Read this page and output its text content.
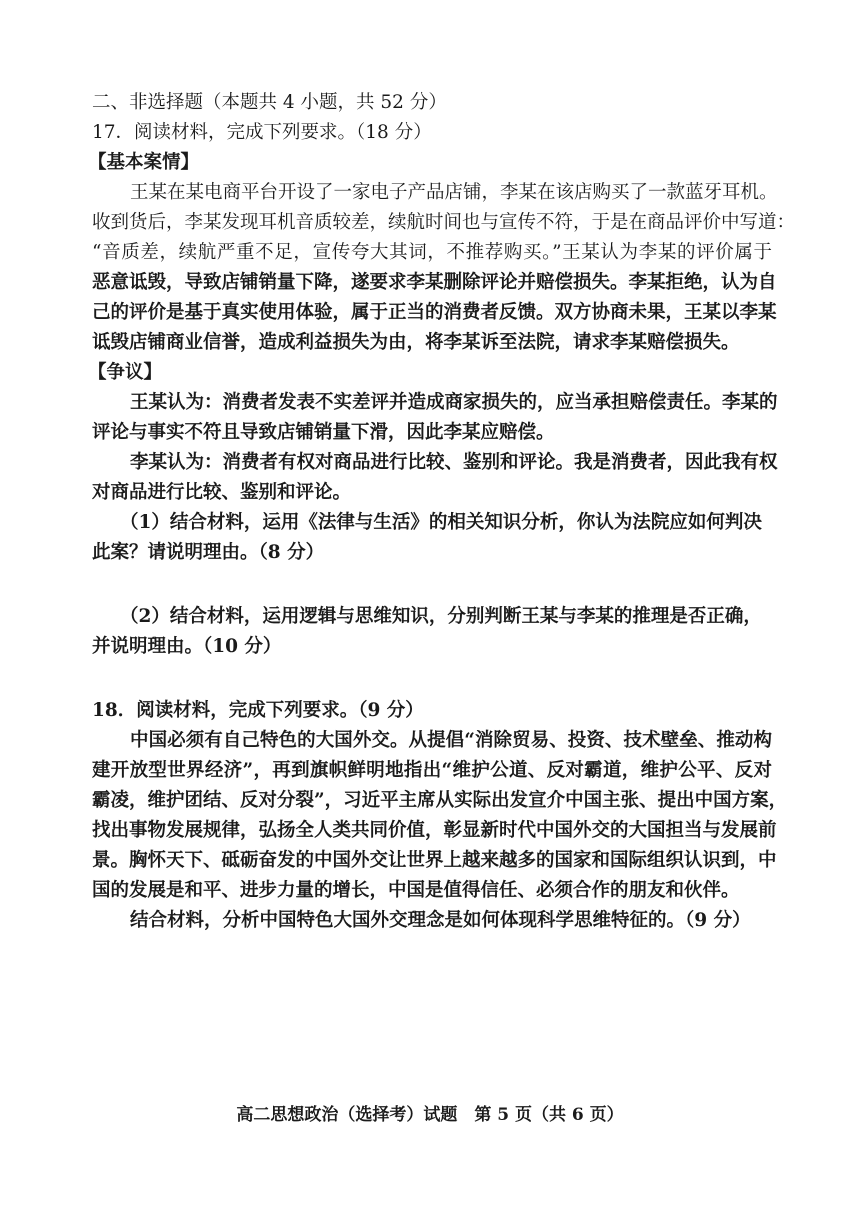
二、非选择题（本题共 4 小题，共 52 分）
17．阅读材料，完成下列要求。（18 分）
【基本案情】
王某在某电商平台开设了一家电子产品店铺，李某在该店购买了一款蓝牙耳机。
收到货后，李某发现耳机音质较差，续航时间也与宣传不符，于是在商品评价中写道：
“音质差，续航严重不足，宣传夸大其词，不推荐购买。”王某认为李某的评价属于
恶意诋毁，导致店铺销量下降，遂要求李某删除评论并赔偿损失。李某拒绝，认为自
己的评价是基于真实使用体验，属于正当的消费者反馈。双方协商未果，王某以李某
诋毁店铺商业信誉，造成利益损失为由，将李某诉至法院，请求李某赔偿损失。
【争议】
王某认为：消费者发表不实差评并造成商家损失的，应当承担赔偿责任。李某的
评论与事实不符且导致店铺销量下滑，因此李某应赔偿。
李某认为：消费者有权对商品进行比较、鉴别和评论。我是消费者，因此我有权
对商品进行比较、鉴别和评论。
（1）结合材料，运用《法律与生活》的相关知识分析，你认为法院应如何判决
此案？请说明理由。（8 分）
（2）结合材料，运用逻辑与思维知识，分别判断王某与李某的推理是否正确，
并说明理由。（10 分）
18．阅读材料，完成下列要求。（9 分）
中国必须有自己特色的大国外交。从提倡“消除贸易、投资、技术壁垒、推动构
建开放型世界经济”，再到旗帜鲜明地指出“维护公道、反对霸道，维护公平、反对
霸凌，维护团结、反对分裂”，习近平主席从实际出发宣介中国主张、提出中国方案，
找出事物发展规律，弘扬全人类共同价值，彰显新时代中国外交的大国担当与发展前
景。胸怀天下、砥砺奋发的中国外交让世界上越来越多的国家和国际组织认识到，中
国的发展是和平、进步力量的增长，中国是值得信任、必须合作的朋友和伙伴。
结合材料，分析中国特色大国外交理念是如何体现科学思维特征的。（9 分）
高二思想政治（选择考）试题　第 5 页（共 6 页）
